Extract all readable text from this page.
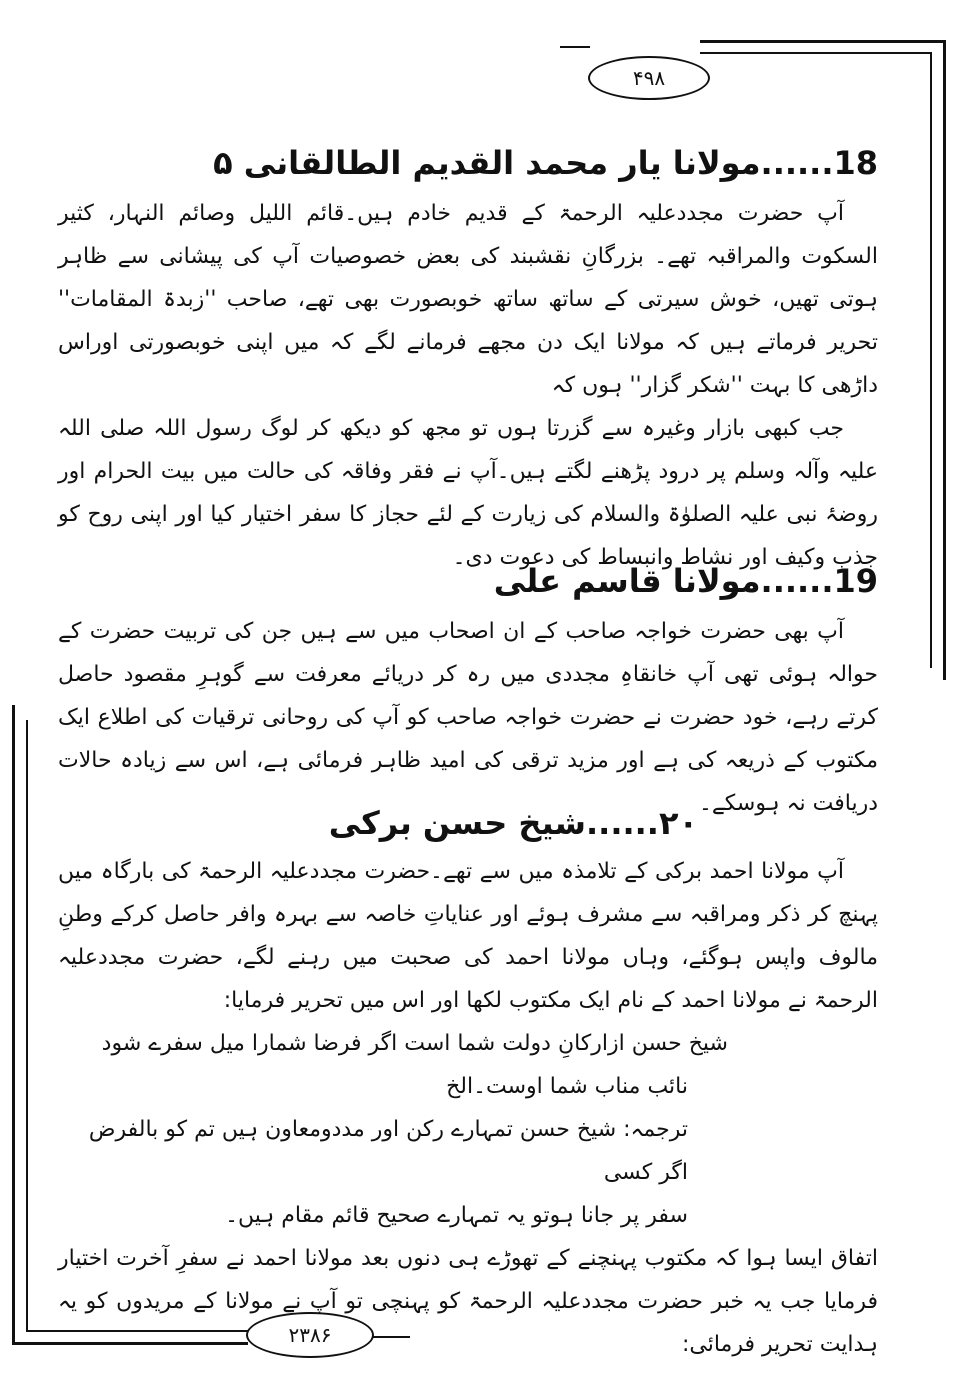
۴۹۸
۲۳۸۶
18......مولانا یار محمد القدیم الطالقانی ۵

آپ حضرت مجددعلیہ الرحمۃ کے قدیم خادم ہیں۔قائم اللیل وصائم النہار، کثیر السکوت والمراقبہ تھے۔ بزرگانِ نقشبند کی بعض خصوصیات آپ کی پیشانی سے ظاہر ہوتی تھیں، خوش سیرتی کے ساتھ ساتھ خوبصورت بھی تھے، صاحب ''زبدۃ المقامات'' تحریر فرماتے ہیں کہ مولانا ایک دن مجھے فرمانے لگے کہ میں اپنی خوبصورتی اوراس داڑھی کا بہت ''شکر گزار'' ہوں کہ

جب کبھی بازار وغیرہ سے گزرتا ہوں تو مجھ کو دیکھ کر لوگ رسول اللہ صلی اللہ علیہ وآلہ وسلم پر درود پڑھنے لگتے ہیں۔آپ نے فقر وفاقہ کی حالت میں بیت الحرام اور روضۂ نبی علیہ الصلوٰۃ والسلام کی زیارت کے لئے حجاز کا سفر اختیار کیا اور اپنی روح کو جذب وکیف اور نشاط وانبساط کی دعوت دی۔

19......مولانا قاسم علی

آپ بھی حضرت خواجہ صاحب کے ان اصحاب میں سے ہیں جن کی تربیت حضرت کے حوالہ ہوئی تھی آپ خانقاہِ مجددی میں رہ کر دریائے معرفت سے گوہرِ مقصود حاصل کرتے رہے، خود حضرت نے حضرت خواجہ صاحب کو آپ کی روحانی ترقیات کی اطلاع ایک مکتوب کے ذریعہ کی ہے اور مزید ترقی کی امید ظاہر فرمائی ہے، اس سے زیادہ حالات دریافت نہ ہوسکے۔

۲۰......شیخ حسن برکی

آپ مولانا احمد برکی کے تلامذہ میں سے تھے۔حضرت مجددعلیہ الرحمۃ کی بارگاہ میں پہنچ کر ذکر ومراقبہ سے مشرف ہوئے اور عنایاتِ خاصہ سے بہرہ وافر حاصل کرکے وطنِ مالوف واپس ہوگئے، وہاں مولانا احمد کی صحبت میں رہنے لگے، حضرت مجددعلیہ الرحمۃ نے مولانا احمد کے نام ایک مکتوب لکھا اور اس میں تحریر فرمایا:

شیخ حسن ازارکانِ دولت شما است اگر فرضا شمارا میل سفرے شود

نائب مناب شما اوست۔الخ

ترجمہ: شیخ حسن تمہارے رکن اور مددومعاون ہیں تم کو بالفرض اگر کسی

سفر پر جانا ہوتو یہ تمہارے صحیح قائم مقام ہیں۔

اتفاق ایسا ہوا کہ مکتوب پہنچنے کے تھوڑے ہی دنوں بعد مولانا احمد نے سفرِ آخرت اختیار فرمایا جب یہ خبر حضرت مجددعلیہ الرحمۃ کو پہنچی تو آپ نے مولانا کے مریدوں کو یہ ہدایت تحریر فرمائی:
